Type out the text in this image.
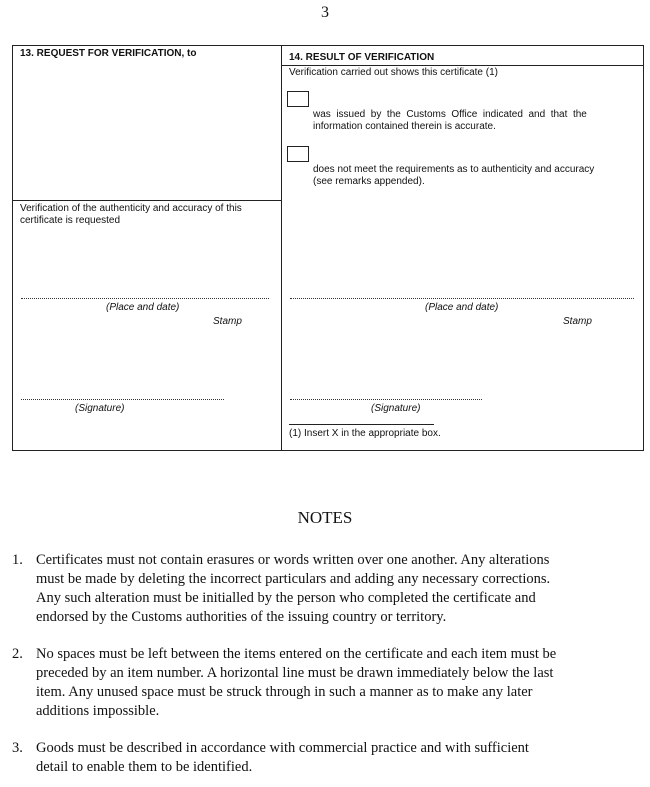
3
13. REQUEST FOR VERIFICATION, to
Verification of the authenticity and accuracy of this
certificate is requested
(Place and date)
Stamp
(Signature)
14. RESULT OF VERIFICATION
Verification carried out shows this certificate (1)
was  issued  by  the  Customs  Office  indicated  and  that  the
information contained therein is accurate.
does not meet the requirements as to authenticity and accuracy
(see remarks appended).
(Place and date)
Stamp
(Signature)
(1) Insert X in the appropriate box.
NOTES
1. Certificates must not contain erasures or words written over one another. Any alterations
must be made by deleting the incorrect particulars and adding any necessary corrections.
Any such alteration must be initialled by the person who completed the certificate and
endorsed by the Customs authorities of the issuing country or territory.
2. No spaces must be left between the items entered on the certificate and each item must be
preceded by an item number. A horizontal line must be drawn immediately below the last
item. Any unused space must be struck through in such a manner as to make any later
additions impossible.
3. Goods must be described in accordance with commercial practice and with sufficient
detail to enable them to be identified.
